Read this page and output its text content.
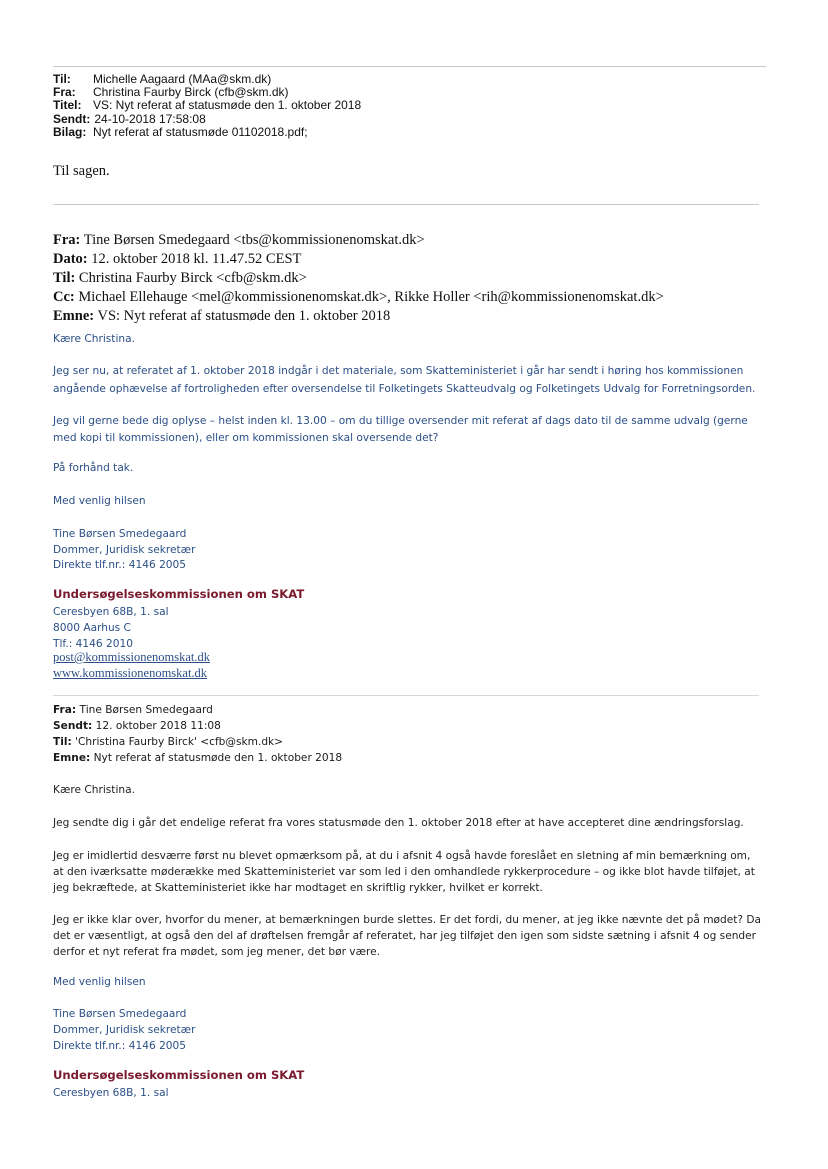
Til:	Michelle Aagaard (MAa@skm.dk)
Fra:	Christina Faurby Birck (cfb@skm.dk)
Titel: VS: Nyt referat af statusmøde den 1. oktober 2018
Sendt: 24-10-2018 17:58:08
Bilag: Nyt referat af statusmøde 01102018.pdf;
Til sagen.
Fra: Tine Børsen Smedegaard <tbs@kommissionenomskat.dk>
Dato: 12. oktober 2018 kl. 11.47.52 CEST
Til: Christina Faurby Birck <cfb@skm.dk>
Cc: Michael Ellehauge <mel@kommissionenomskat.dk>, Rikke Holler <rih@kommissionenomskat.dk>
Emne: VS: Nyt referat af statusmøde den 1. oktober 2018
Kære Christina.
Jeg ser nu, at referatet af 1. oktober 2018 indgår i det materiale, som Skatteministeriet i går har sendt i høring hos kommissionen
angående ophævelse af fortroligheden efter oversendelse til Folketingets Skatteudvalg og Folketingets Udvalg for Forretningsorden.
Jeg vil gerne bede dig oplyse – helst inden kl. 13.00 – om du tillige oversender mit referat af dags dato til de samme udvalg (gerne
med kopi til kommissionen), eller om kommissionen skal oversende det?
På forhånd tak.
Med venlig hilsen
Tine Børsen Smedegaard
Dommer, Juridisk sekretær
Direkte tlf.nr.: 4146 2005
Undersøgelseskommissionen om SKAT
Ceresbyen 68B, 1. sal
8000 Aarhus C
Tlf.: 4146 2010
post@kommissionenomskat.dk
www.kommissionenomskat.dk
Fra: Tine Børsen Smedegaard
Sendt: 12. oktober 2018 11:08
Til: 'Christina Faurby Birck' <cfb@skm.dk>
Emne: Nyt referat af statusmøde den 1. oktober 2018
Kære Christina.
Jeg sendte dig i går det endelige referat fra vores statusmøde den 1. oktober 2018 efter at have accepteret dine ændringsforslag.
Jeg er imidlertid desværre først nu blevet opmærksom på, at du i afsnit 4 også havde foreslået en sletning af min bemærkning om,
at den iværksatte møderække med Skatteministeriet var som led i den omhandlede rykkerprocedure – og ikke blot havde tilføjet, at
jeg bekræftede, at Skatteministeriet ikke har modtaget en skriftlig rykker, hvilket er korrekt.
Jeg er ikke klar over, hvorfor du mener, at bemærkningen burde slettes. Er det fordi, du mener, at jeg ikke nævnte det på mødet? Da
det er væsentligt, at også den del af drøftelsen fremgår af referatet, har jeg tilføjet den igen som sidste sætning i afsnit 4 og sender
derfor et nyt referat fra mødet, som jeg mener, det bør være.
Med venlig hilsen
Tine Børsen Smedegaard
Dommer, Juridisk sekretær
Direkte tlf.nr.: 4146 2005
Undersøgelseskommissionen om SKAT
Ceresbyen 68B, 1. sal
